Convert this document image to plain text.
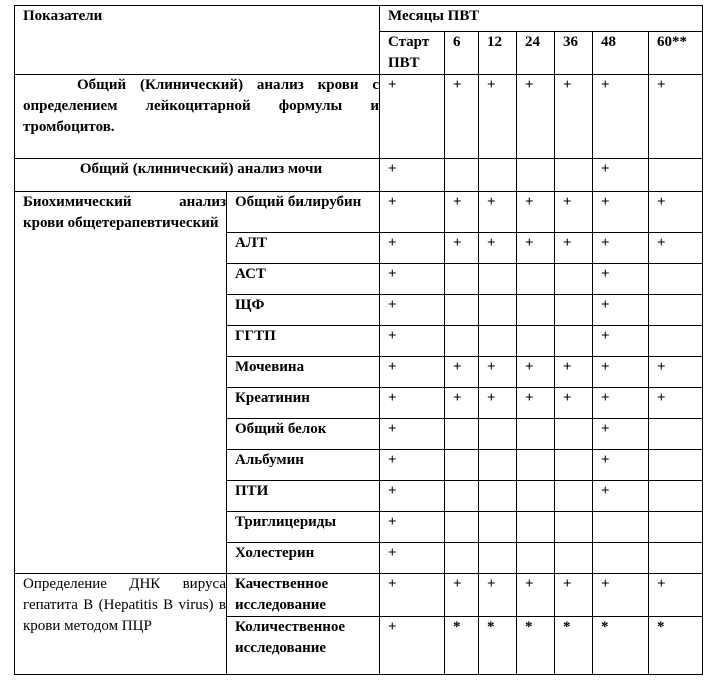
Показатели		Месяцы ПВТ						
		Старт ПВТ	6	12	24	36	48	60**
Общий (Клинический) анализ крови с определением лейкоцитарной формулы и тромбоцитов.		+	+	+	+	+	+	+
Общий (клинический) анализ мочи		+					+	
Биохимический анализ крови общетерапевтический	Общий билирубин	+	+	+	+	+	+	+
	АЛТ	+	+	+	+	+	+	+
	АСТ	+					+	
	ЩФ	+					+	
	ГГТП	+					+	
	Мочевина	+	+	+	+	+	+	+
	Креатинин	+	+	+	+	+	+	+
	Общий белок	+					+	
	Альбумин	+					+	
	ПТИ	+					+	
	Триглицериды	+						
	Холестерин	+						
Определение ДНК вируса гепатита В (Hepatitis B virus) в крови методом ПЦР	Качественное исследование	+	+	+	+	+	+	+
	Количественное исследование	+	*	*	*	*	*	*
